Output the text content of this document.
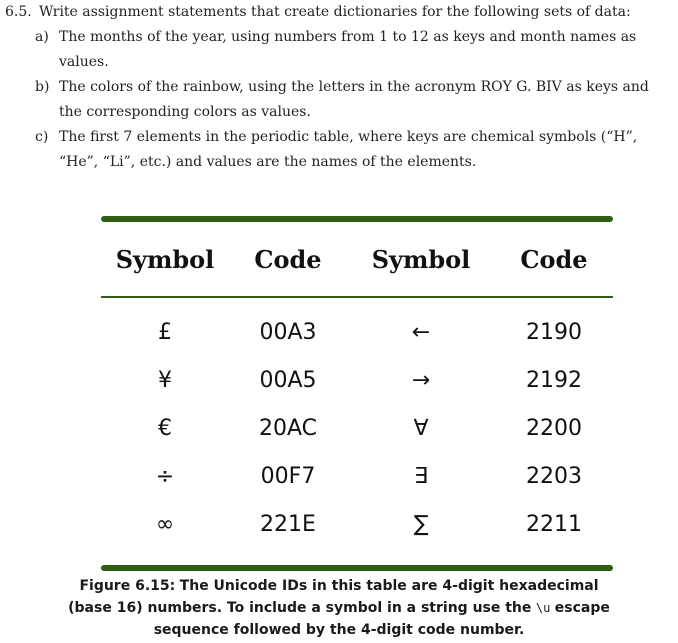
6.5. Write assignment statements that create dictionaries for the following sets of data:
a) The months of the year, using numbers from 1 to 12 as keys and month names as values.
b) The colors of the rainbow, using the letters in the acronym ROY G. BIV as keys and the corresponding colors as values.
c) The first 7 elements in the periodic table, where keys are chemical symbols (“H”, “He”, “Li”, etc.) and values are the names of the elements.
Symbol	Code	Symbol	Code
£	00A3	←	2190
¥	00A5	→	2192
€	20AC	∀	2200
÷	00F7	∃	2203
∞	221E	∑	2211
Figure 6.15: The Unicode IDs in this table are 4-digit hexadecimal (base 16) numbers. To include a symbol in a string use the \u escape sequence followed by the 4-digit code number.
